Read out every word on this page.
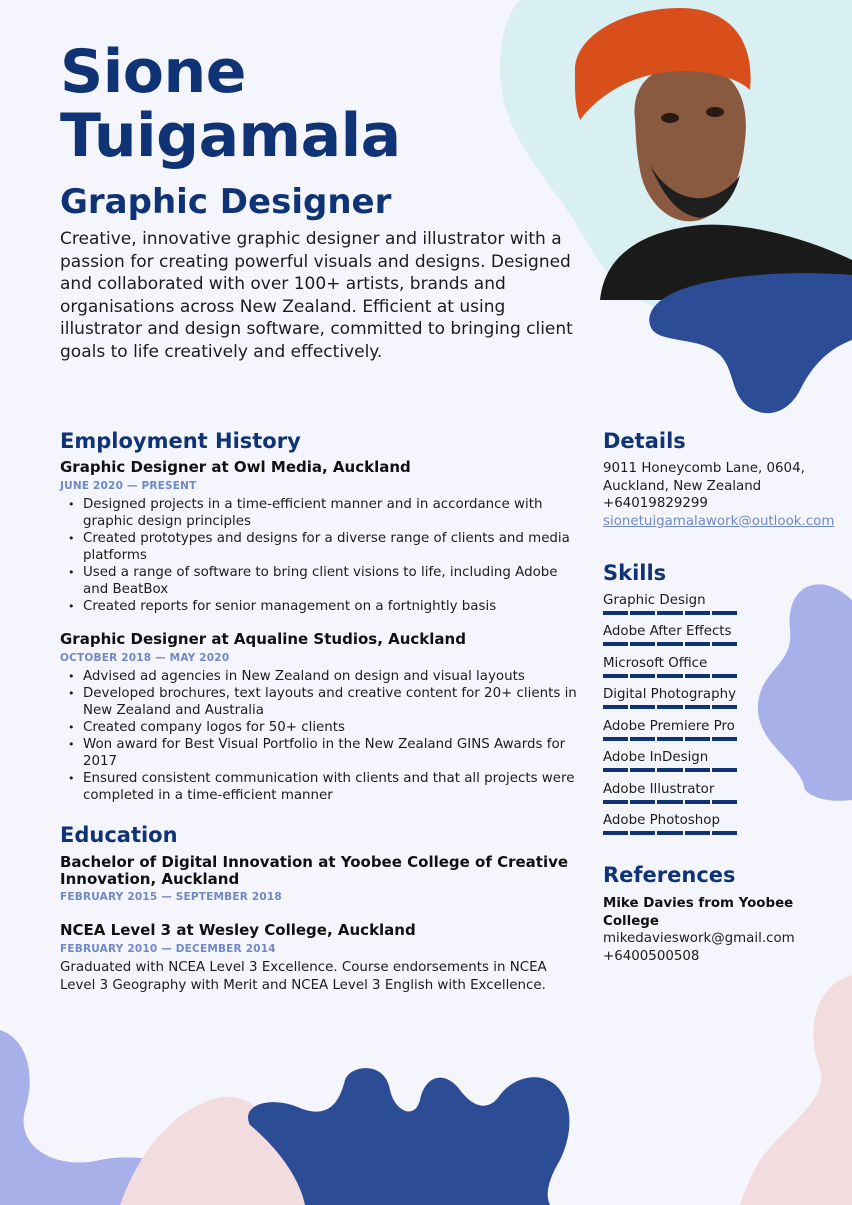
Sione
Tuigamala
Graphic Designer

Creative, innovative graphic designer and illustrator with a passion for creating powerful visuals and designs. Designed and collaborated with over 100+ artists, brands and organisations across New Zealand. Efficient at using illustrator and design software, committed to bringing client goals to life creatively and effectively.

Employment History

Graphic Designer at Owl Media, Auckland

JUNE 2020 — PRESENT

• Designed projects in a time-efficient manner and in accordance with graphic design principles
• Created prototypes and designs for a diverse range of clients and media platforms
• Used a range of software to bring client visions to life, including Adobe and BeatBox
• Created reports for senior management on a fortnightly basis

Graphic Designer at Aqualine Studios, Auckland

OCTOBER 2018 — MAY 2020

• Advised ad agencies in New Zealand on design and visual layouts
• Developed brochures, text layouts and creative content for 20+ clients in New Zealand and Australia
• Created company logos for 50+ clients
• Won award for Best Visual Portfolio in the New Zealand GINS Awards for 2017
• Ensured consistent communication with clients and that all projects were completed in a time-efficient manner
Education

Bachelor of Digital Innovation at Yoobee College of Creative Innovation, Auckland

FEBRUARY 2015 — SEPTEMBER 2018

NCEA Level 3 at Wesley College, Auckland

FEBRUARY 2010 — DECEMBER 2014

Graduated with NCEA Level 3 Excellence. Course endorsements in NCEA Level 3 Geography with Merit and NCEA Level 3 English with Excellence.

Details

9011 Honeycomb Lane, 0604,

Auckland, New Zealand

+64019829299

sionetuigamalawork@outlook.com

Skills
Graphic Design
Adobe After Effects
Microsoft Office
Digital Photography
Adobe Premiere Pro
Adobe InDesign
Adobe Illustrator
Adobe Photoshop
References

Mike Davies from Yoobee College

mikedavieswork@gmail.com

+6400500508
